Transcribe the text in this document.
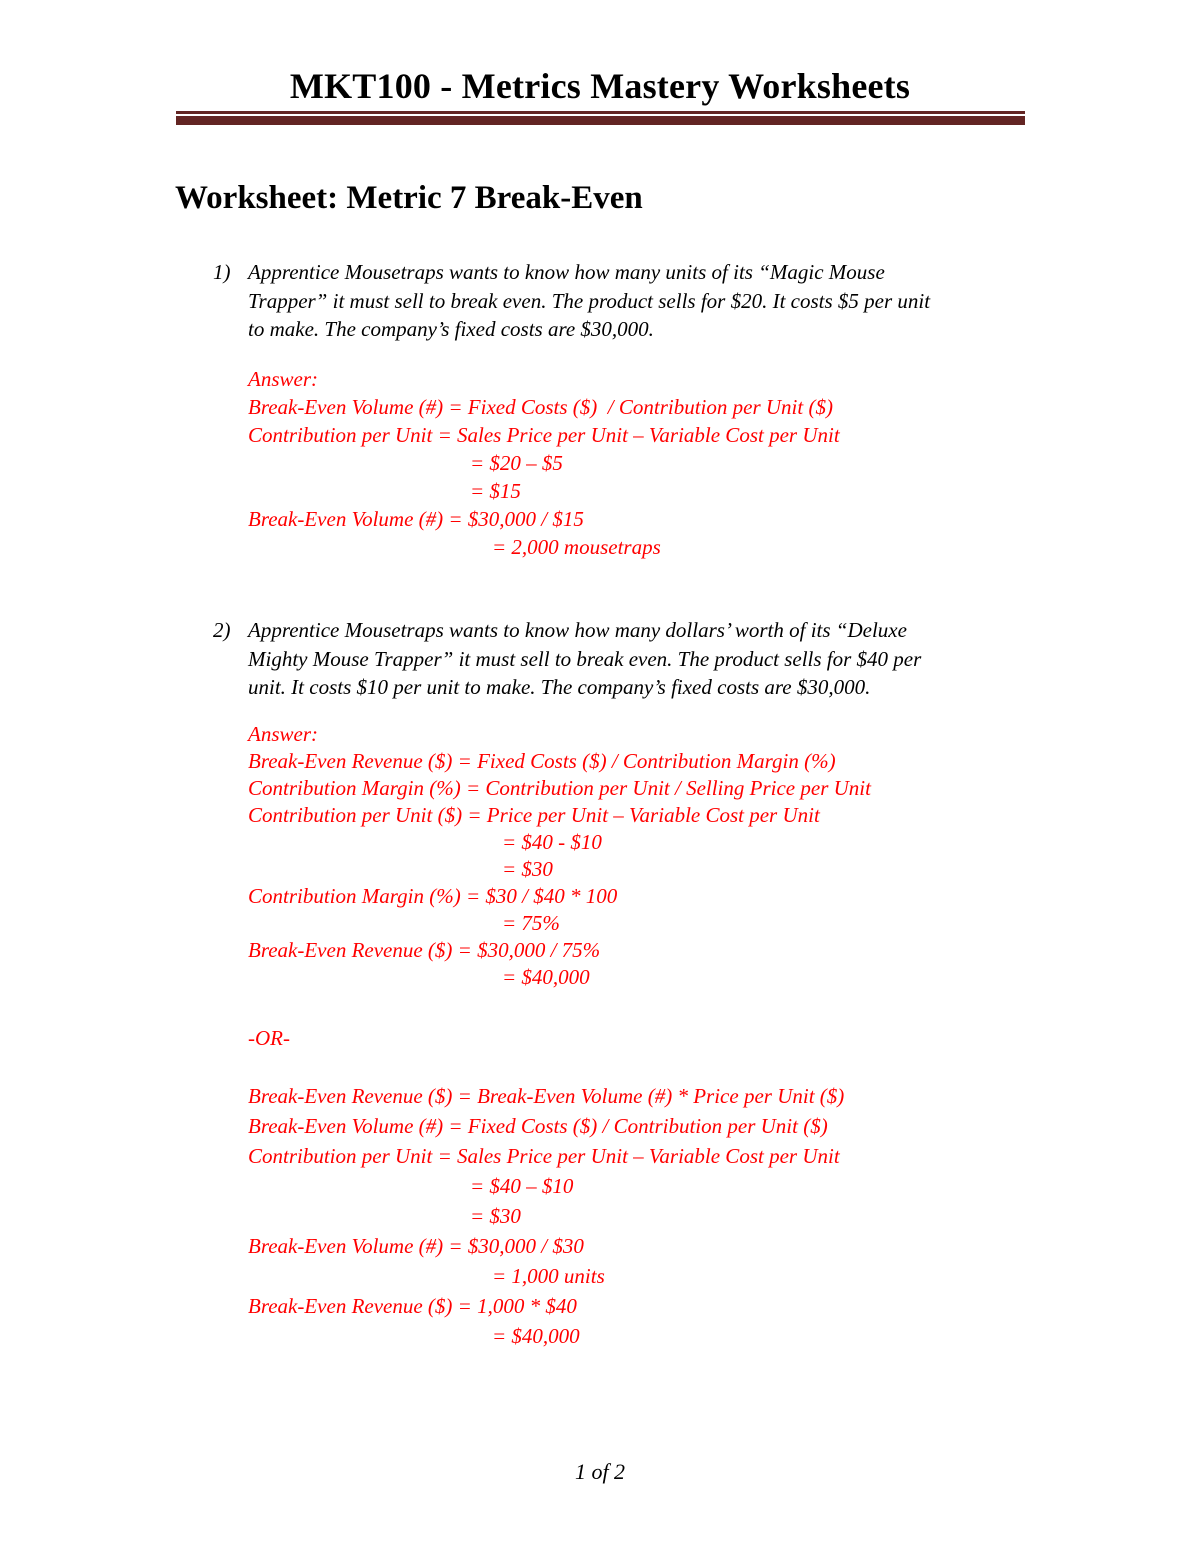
MKT100 - Metrics Mastery Worksheets
Worksheet: Metric 7 Break-Even
1) Apprentice Mousetraps wants to know how many units of its “Magic Mouse
Trapper” it must sell to break even. The product sells for $20. It costs $5 per unit
to make. The company’s fixed costs are $30,000.
Answer:
Break-Even Volume (#) = Fixed Costs ($)  / Contribution per Unit ($)
Contribution per Unit = Sales Price per Unit – Variable Cost per Unit
= $20 – $5
= $15
Break-Even Volume (#) = $30,000 / $15
= 2,000 mousetraps
2) Apprentice Mousetraps wants to know how many dollars’ worth of its “Deluxe
Mighty Mouse Trapper” it must sell to break even. The product sells for $40 per
unit. It costs $10 per unit to make. The company’s fixed costs are $30,000.
Answer:
Break-Even Revenue ($) = Fixed Costs ($) / Contribution Margin (%)
Contribution Margin (%) = Contribution per Unit / Selling Price per Unit
Contribution per Unit ($) = Price per Unit – Variable Cost per Unit
= $40 - $10
= $30
Contribution Margin (%) = $30 / $40 * 100
= 75%
Break-Even Revenue ($) = $30,000 / 75%
= $40,000
-OR-
Break-Even Revenue ($) = Break-Even Volume (#) * Price per Unit ($)
Break-Even Volume (#) = Fixed Costs ($) / Contribution per Unit ($)
Contribution per Unit = Sales Price per Unit – Variable Cost per Unit
= $40 – $10
= $30
Break-Even Volume (#) = $30,000 / $30
= 1,000 units
Break-Even Revenue ($) = 1,000 * $40
= $40,000
1 of 2
